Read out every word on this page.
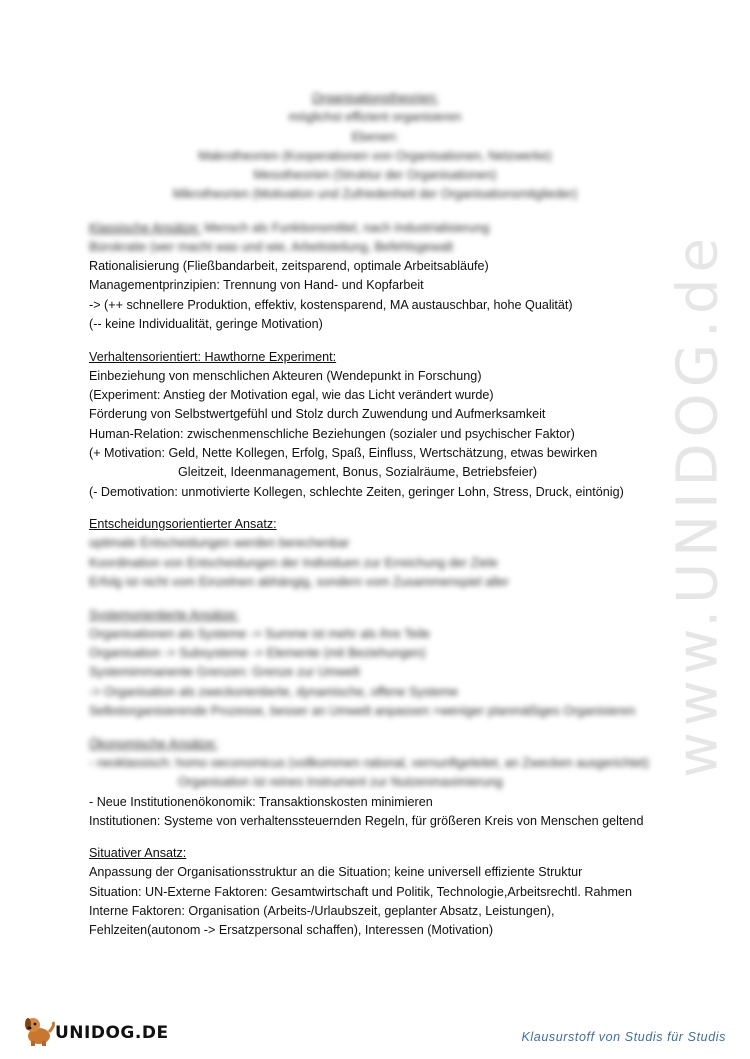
Organisationstheorien:
möglichst effizient organisieren
Ebenen:
Makrotheorien (Kooperationen von Organisationen, Netzwerke)
Mesotheorien (Struktur der Organisationen)
Mikrotheorien (Motivation und Zufriedenheit der Organisationsmitglieder)
Klassische Ansätze: Mensch als Funktionsmittel, nach Industrialisierung
Bürokratie (wer macht was und wie, Arbeitsteilung, Befehlsgewalt
Rationalisierung (Fließbandarbeit, zeitsparend, optimale Arbeitsabläufe)
Managementprinzipien: Trennung von Hand- und Kopfarbeit
-> (++ schnellere Produktion, effektiv, kostensparend, MA austauschbar, hohe Qualität)
(-- keine Individualität, geringe Motivation)
Verhaltensorientiert: Hawthorne Experiment:
Einbeziehung von menschlichen Akteuren (Wendepunkt in Forschung)
(Experiment: Anstieg der Motivation egal, wie das Licht verändert wurde)
Förderung von Selbstwertgefühl und Stolz durch Zuwendung und Aufmerksamkeit
Human-Relation: zwischenmenschliche Beziehungen (sozialer und psychischer Faktor)
(+ Motivation: Geld, Nette Kollegen, Erfolg, Spaß, Einfluss, Wertschätzung, etwas bewirken
Gleitzeit, Ideenmanagement, Bonus, Sozialräume, Betriebsfeier)
(- Demotivation: unmotivierte Kollegen, schlechte Zeiten, geringer Lohn, Stress, Druck, eintönig)
Entscheidungsorientierter Ansatz:
optimale Entscheidungen werden berechenbar
Koordination von Entscheidungen der Individuen zur Erreichung der Ziele
Erfolg ist nicht vom Einzelnen abhängig, sondern vom Zusammenspiel aller
Systemorientierte Ansätze:
Organisationen als Systeme -> Summe ist mehr als ihre Teile
Organisation -> Subsysteme -> Elemente (mit Beziehungen)
Systemimmanente Grenzen: Grenze zur Umwelt
-> Organisation als zweckorientierte, dynamische, offene Systeme
Selbstorganisierende Prozesse, besser an Umwelt anpassen >weniger planmäßiges Organisieren
Ökonomische Ansätze:
- neoklassisch: homo oeconomicus (vollkommen rational, vernunftgeleitet, an Zwecken ausgerichtet)
Organisation ist reines Instrument zur Nutzenmaximierung
- Neue Institutionenökonomik: Transaktionskosten minimieren
Institutionen: Systeme von verhaltenssteuernden Regeln, für größeren Kreis von Menschen geltend
Situativer Ansatz:
Anpassung der Organisationsstruktur an die Situation; keine universell effiziente Struktur
Situation: UN-Externe Faktoren: Gesamtwirtschaft und Politik, Technologie,Arbeitsrechtl. Rahmen
Interne Faktoren: Organisation (Arbeits-/Urlaubszeit, geplanter Absatz, Leistungen),
Fehlzeiten(autonom -> Ersatzpersonal schaffen), Interessen (Motivation)
www.UNIDOG.de
UNIDOG.DE	Klausurstoff von Studis für Studis
